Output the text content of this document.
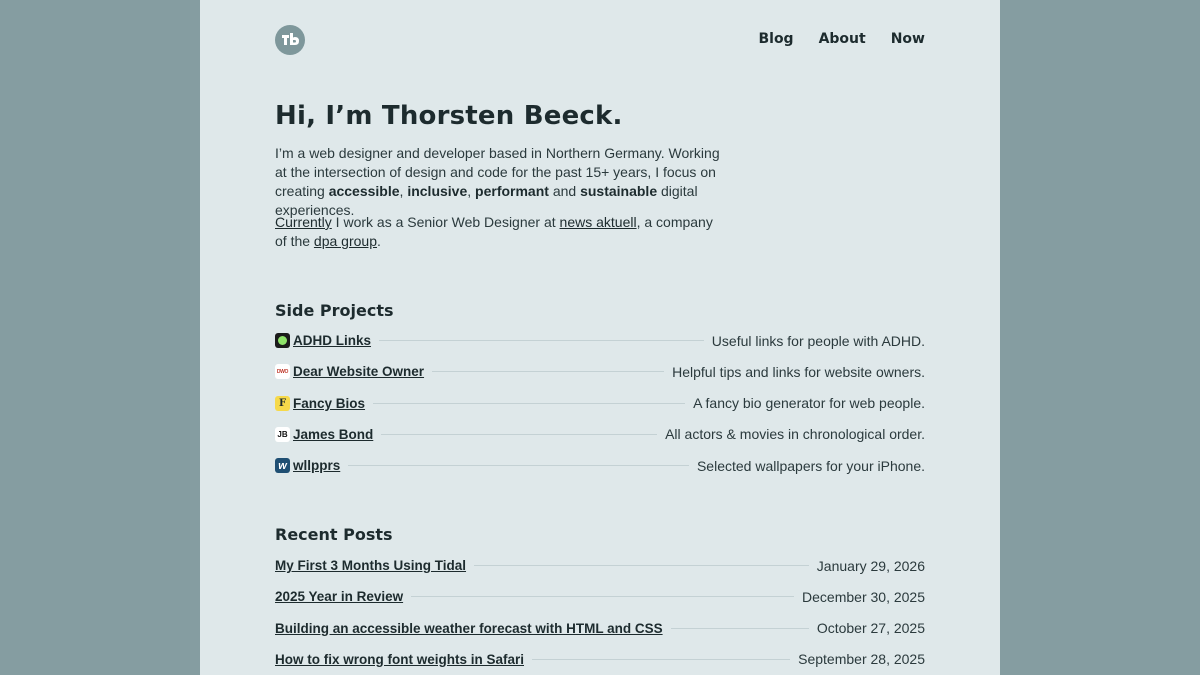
Blog About Now
Hi, I’m Thorsten Beeck.

I’m a web designer and developer based in Northern Germany. Working at the intersection of design and code for the past 15+ years, I focus on creating accessible, inclusive, performant and sustainable digital experiences.

Currently I work as a Senior Web Designer at news aktuell, a company of the dpa group.

Side Projects
ADHD Links	Useful links for people with ADHD.
DWO Dear Website Owner	Helpful tips and links for website owners.
F Fancy Bios	A fancy bio generator for web people.
JB James Bond	All actors & movies in chronological order.
w wllpprs	Selected wallpapers for your iPhone.
Recent Posts
My First 3 Months Using Tidal	January 29, 2026
2025 Year in Review	December 30, 2025
Building an accessible weather forecast with HTML and CSS	October 27, 2025
How to fix wrong font weights in Safari	September 28, 2025
